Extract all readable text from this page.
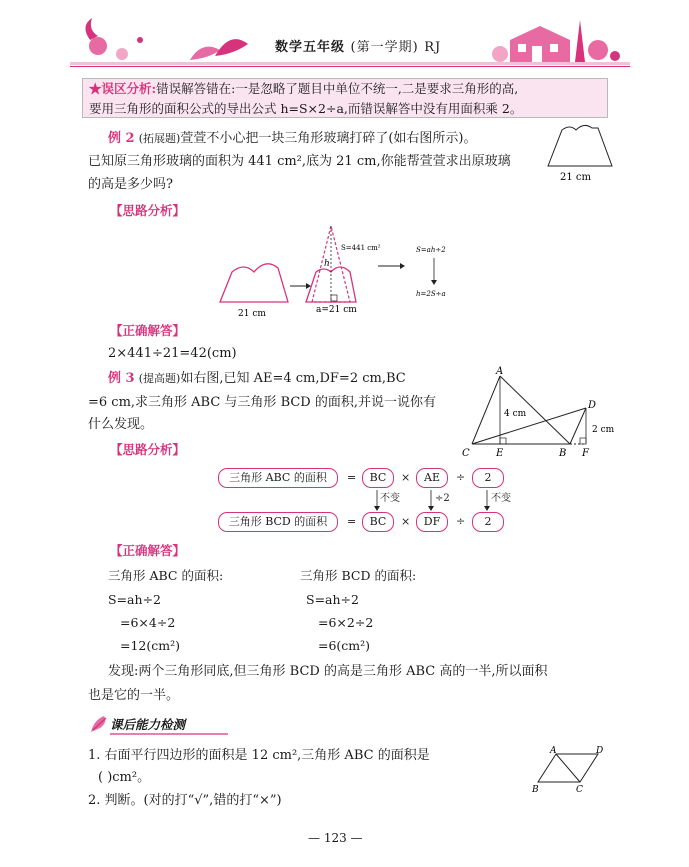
数学五年级 (第一学期) RJ
★误区分析:错误解答错在:一是忽略了题目中单位不统一,二是要求三角形的高,
要用三角形的面积公式的导出公式 h=S×2÷a,而错误解答中没有用面积乘 2。
例 2 (拓展题)萱萱不小心把一块三角形玻璃打碎了(如右图所示)。
已知原三角形玻璃的面积为 441 cm²,底为 21 cm,你能帮萱萱求出原玻璃
的高是多少吗?	21 cm
【思路分析】
21 cm
h
S=441 cm²
a=21 cm
S=ah÷2
h=2S÷a
【正确解答】
2×441÷21=42(cm)
例 3 (提高题)如右图,已知 AE=4 cm,DF=2 cm,BC
=6 cm,求三角形 ABC 与三角形 BCD 的面积,并说一说你有
什么发现。
A
C	E	B F
D
4 cm
2 cm
【思路分析】
三角形 ABC 的面积	=	BC	×	AE	÷	2
不变	÷2	不变
三角形 BCD 的面积	=	BC	×	DF	÷	2
【正确解答】
三角形 ABC 的面积:
S=ah÷2
=6×4÷2
=12(cm²)
三角形 BCD 的面积:
S=ah÷2
=6×2÷2
=6(cm²)
发现:两个三角形同底,但三角形 BCD 的高是三角形 ABC 高的一半,所以面积
也是它的一半。
课后能力检测
1. 右面平行四边形的面积是 12 cm²,三角形 ABC 的面积是
( )cm²。
2. 判断。(对的打“√”,错的打“×”)
A	D
B	C
— 123 —
